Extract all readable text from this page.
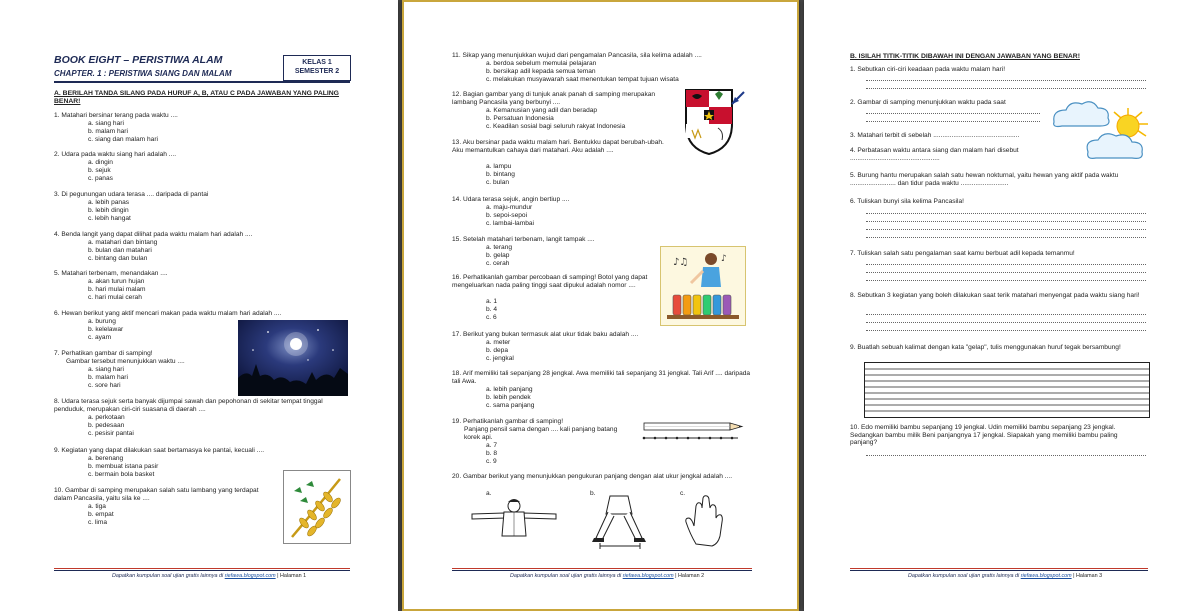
BOOK EIGHT – PERISTIWA ALAM
CHAPTER. 1 : PERISTIWA SIANG DAN MALAM
KELAS 1
SEMESTER 2
A. BERILAH TANDA SILANG PADA HURUF A, B, ATAU C PADA JAWABAN YANG PALING BENAR!
1. Matahari bersinar terang pada waktu ....
a. siang hari
b. malam hari
c. siang dan malam hari
2. Udara pada waktu siang hari adalah ....
a. dingin
b. sejuk
c. panas
3. Di pegunungan udara terasa .... daripada di pantai
a. lebih panas
b. lebih dingin
c. lebih hangat
4. Benda langit yang dapat dilihat pada waktu malam hari adalah ....
a. matahari dan bintang
b. bulan dan matahari
c. bintang dan bulan
5. Matahari terbenam, menandakan ....
a. akan turun hujan
b. hari mulai malam
c. hari mulai cerah
6. Hewan berikut yang aktif mencari makan pada waktu malam hari adalah ....
a. burung
b. kelelawar
c. ayam
7. Perhatikan gambar di samping!
Gambar tersebut menunjukkan waktu ....
a. siang hari
b. malam hari
c. sore hari
8. Udara terasa sejuk serta banyak dijumpai sawah dan pepohonan di sekitar tempat tinggal penduduk, merupakan ciri-ciri suasana di daerah ....
a. perkotaan
b. pedesaan
c. pesisir pantai
9. Kegiatan yang dapat dilakukan saat bertamasya ke pantai, kecuali ....
a. berenang
b. membuat istana pasir
c. bermain bola basket
10. Gambar di samping merupakan salah satu lambang yang terdapat dalam Pancasila, yaitu sila ke ....
a. tiga
b. empat
c. lima
Dapatkan kumpulan soal ujian gratis lainnya di riefawa.blogspot.com | Halaman 1
11. Sikap yang menunjukkan wujud dari pengamalan Pancasila, sila kelima adalah ....
a. berdoa sebelum memulai pelajaran
b. bersikap adil kepada semua teman
c. melakukan musyawarah saat menentukan tempat tujuan wisata
12. Bagian gambar yang di tunjuk anak panah di samping merupakan lambang Pancasila yang berbunyi ....
a. Kemanusian yang adil dan beradap
b. Persatuan Indonesia
c. Keadilan sosial bagi seluruh rakyat Indonesia
13. Aku bersinar pada waktu malam hari. Bentukku dapat berubah-ubah. Aku memantulkan cahaya dari matahari. Aku adalah ....
a. lampu
b. bintang
c. bulan
14. Udara terasa sejuk, angin bertiup ....
a. maju-mundur
b. sepoi-sepoi
c. lambai-lambai
15. Setelah matahari terbenam, langit tampak ....
a. terang
b. gelap
c. cerah
16. Perhatikanlah gambar percobaan di samping! Botol yang dapat mengeluarkan nada paling tinggi saat dipukul adalah nomor ....
a. 1
b. 4
c. 6
♪♫	♪
17. Berikut yang bukan termasuk alat ukur tidak baku adalah ....
a. meter
b. depa
c. jengkal
18. Arif memiliki tali sepanjang 28 jengkal. Awa memiliki tali sepanjang 31 jengkal. Tali Arif .... daripada tali Awa.
a. lebih panjang
b. lebih pendek
c. sama panjang
19. Perhatikanlah gambar di samping!
Panjang pensil sama dengan .... kali panjang batang korek api.
a. 7
b. 8
c. 9
20. Gambar berikut yang menunjukkan pengukuran panjang dengan alat ukur jengkal adalah ....
a.	b.	c.
Dapatkan kumpulan soal ujian gratis lainnya di riefawa.blogspot.com | Halaman 2
B. ISILAH TITIK-TITIK DIBAWAH INI DENGAN JAWABAN YANG BENAR!
1. Sebutkan ciri-ciri keadaan pada waktu malam hari!
2. Gambar di samping menunjukkan waktu pada saat
3. Matahari terbit di sebelah ...............................................
4. Perbatasan waktu antara siang dan malam hari disebut .................................................
5. Burung hantu merupakan salah satu hewan nokturnal, yaitu hewan yang aktif pada waktu ......................... dan tidur pada waktu ..........................
6. Tuliskan bunyi sila kelima Pancasila!
7. Tuliskan salah satu pengalaman saat kamu berbuat adil kepada temanmu!
8. Sebutkan 3 kegiatan yang boleh dilakukan saat terik matahari menyengat pada waktu siang hari!
9. Buatlah sebuah kalimat dengan kata "gelap", tulis menggunakan huruf tegak bersambung!
10. Edo memiliki bambu sepanjang 19 jengkal. Udin memiliki bambu sepanjang 23 jengkal. Sedangkan bambu milik Beni panjangnya 17 jengkal. Siapakah yang memiliki bambu paling panjang?
Dapatkan kumpulan soal ujian gratis lainnya di riefawa.blogspot.com | Halaman 3
